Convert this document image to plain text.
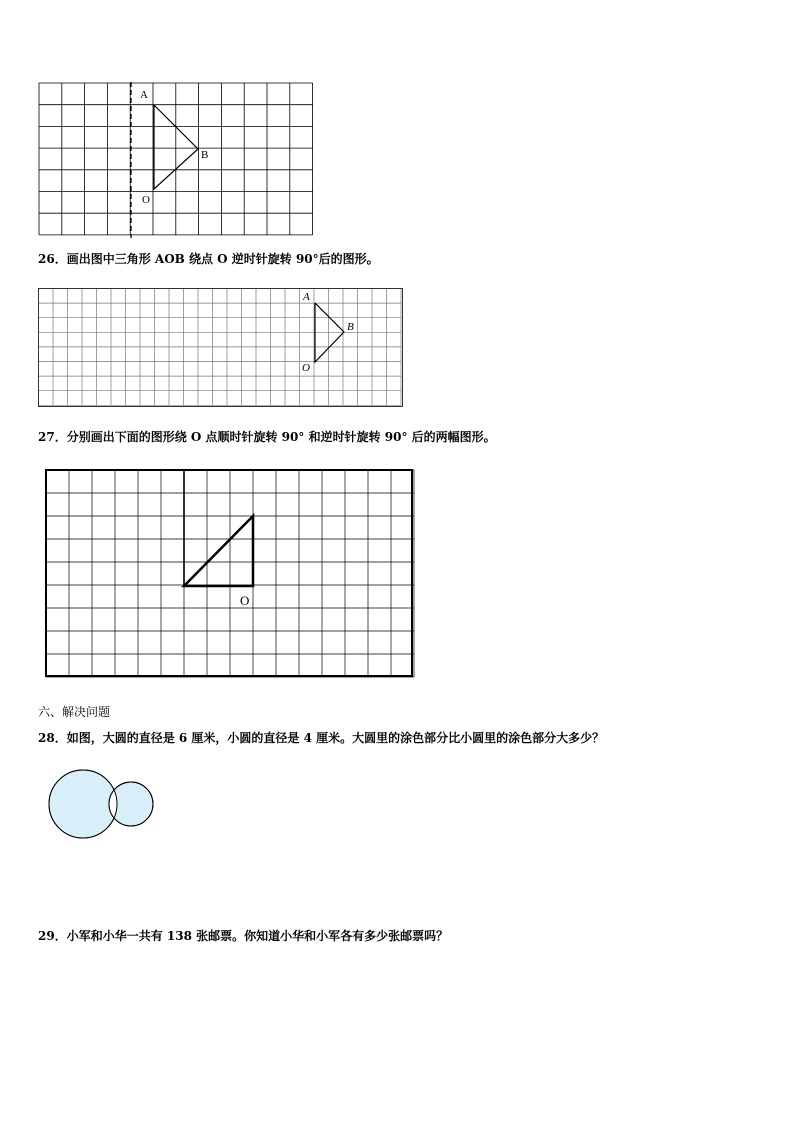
A
B
O
26．画出图中三角形 AOB 绕点 O 逆时针旋转 90°后的图形。
A
B
O
27．分别画出下面的图形绕 O 点顺时针旋转 90° 和逆时针旋转 90° 后的两幅图形。
O
六、解决问题
28．如图，大圆的直径是 6 厘米，小圆的直径是 4 厘米。大圆里的涂色部分比小圆里的涂色部分大多少？
29．小军和小华一共有 138 张邮票。你知道小华和小军各有多少张邮票吗？
